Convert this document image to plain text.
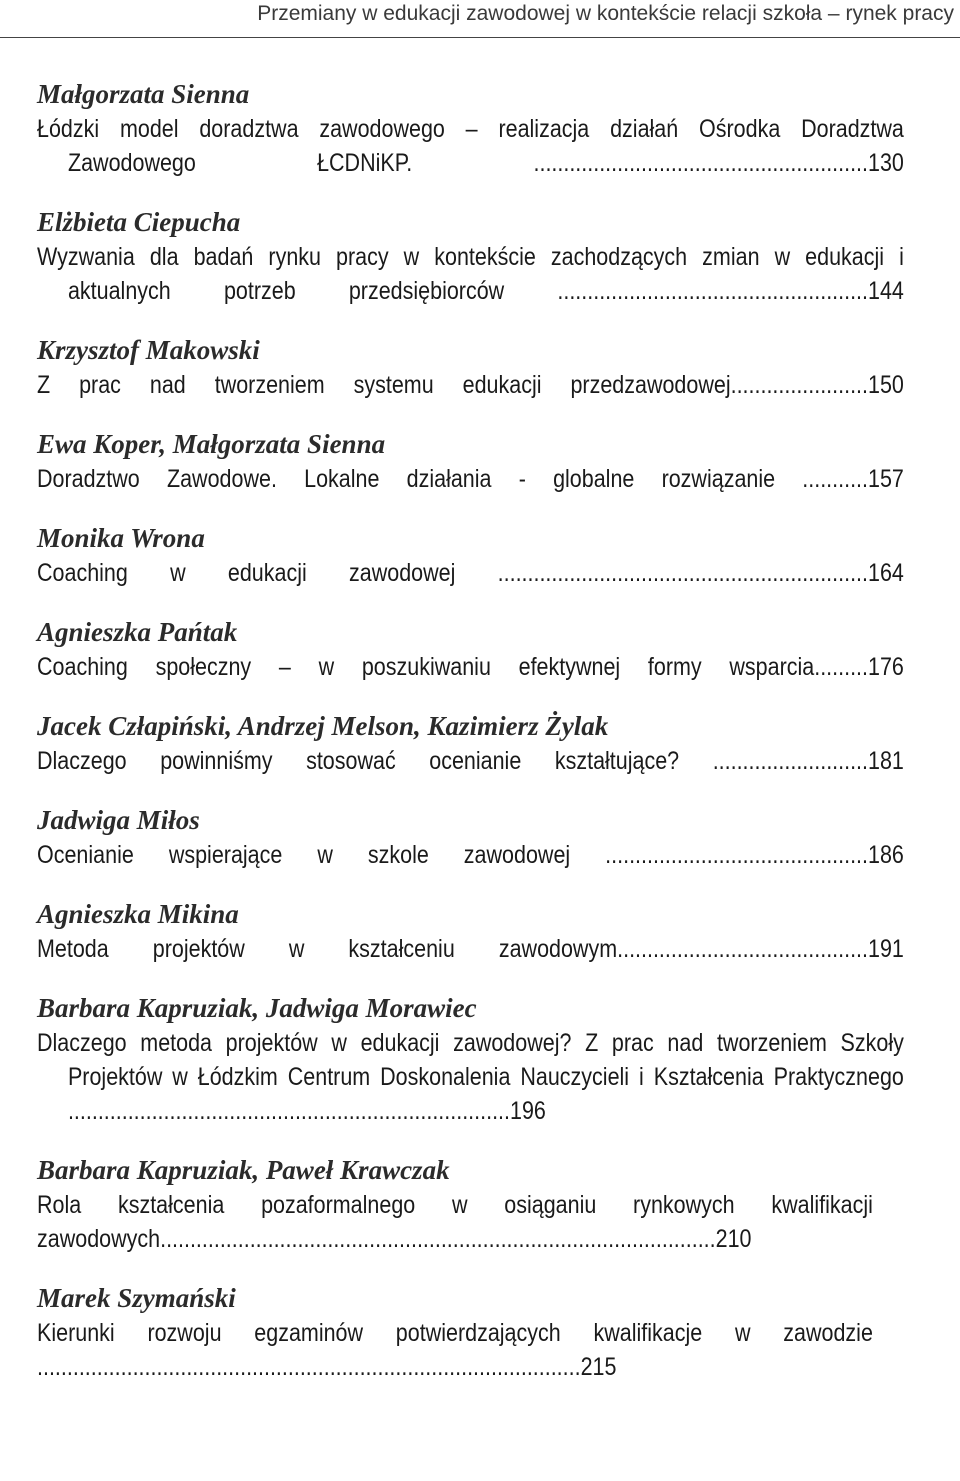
Przemiany w edukacji zawodowej w kontekście relacji szkoła – rynek pracy
Małgorzata Sienna
Łódzki model doradztwa zawodowego – realizacja działań Ośrodka Doradztwa Zawodowego ŁCDNiKP. ........................................................130
Elżbieta Ciepucha
Wyzwania dla badań rynku pracy w kontekście zachodzących zmian w edukacji i aktualnych potrzeb przedsiębiorców ....................................................144
Krzysztof Makowski
Z prac nad tworzeniem systemu edukacji przedzawodowej.......................150
Ewa Koper, Małgorzata Sienna
Doradztwo Zawodowe. Lokalne działania - globalne rozwiązanie ...........157
Monika Wrona
Coaching w edukacji zawodowej ..............................................................164
Agnieszka Pańtak
Coaching społeczny – w poszukiwaniu efektywnej formy wsparcia.........176
Jacek Człapiński, Andrzej Melson, Kazimierz Żylak
Dlaczego powinniśmy stosować ocenianie kształtujące? ..........................181
Jadwiga Miłos
Ocenianie wspierające w szkole zawodowej ............................................186
Agnieszka Mikina
Metoda projektów w kształceniu zawodowym..........................................191
Barbara Kapruziak, Jadwiga Morawiec
Dlaczego metoda projektów w edukacji zawodowej? Z prac nad tworzeniem Szkoły Projektów w Łódzkim Centrum Doskonalenia Nauczycieli i Kształcenia Praktycznego ..........................................................................196
Barbara Kapruziak, Paweł Krawczak
Rola kształcenia pozaformalnego w osiąganiu rynkowych kwalifikacji zawodowych.............................................................................................210
Marek Szymański
Kierunki rozwoju egzaminów potwierdzających kwalifikacje w zawodzie ...........................................................................................215
